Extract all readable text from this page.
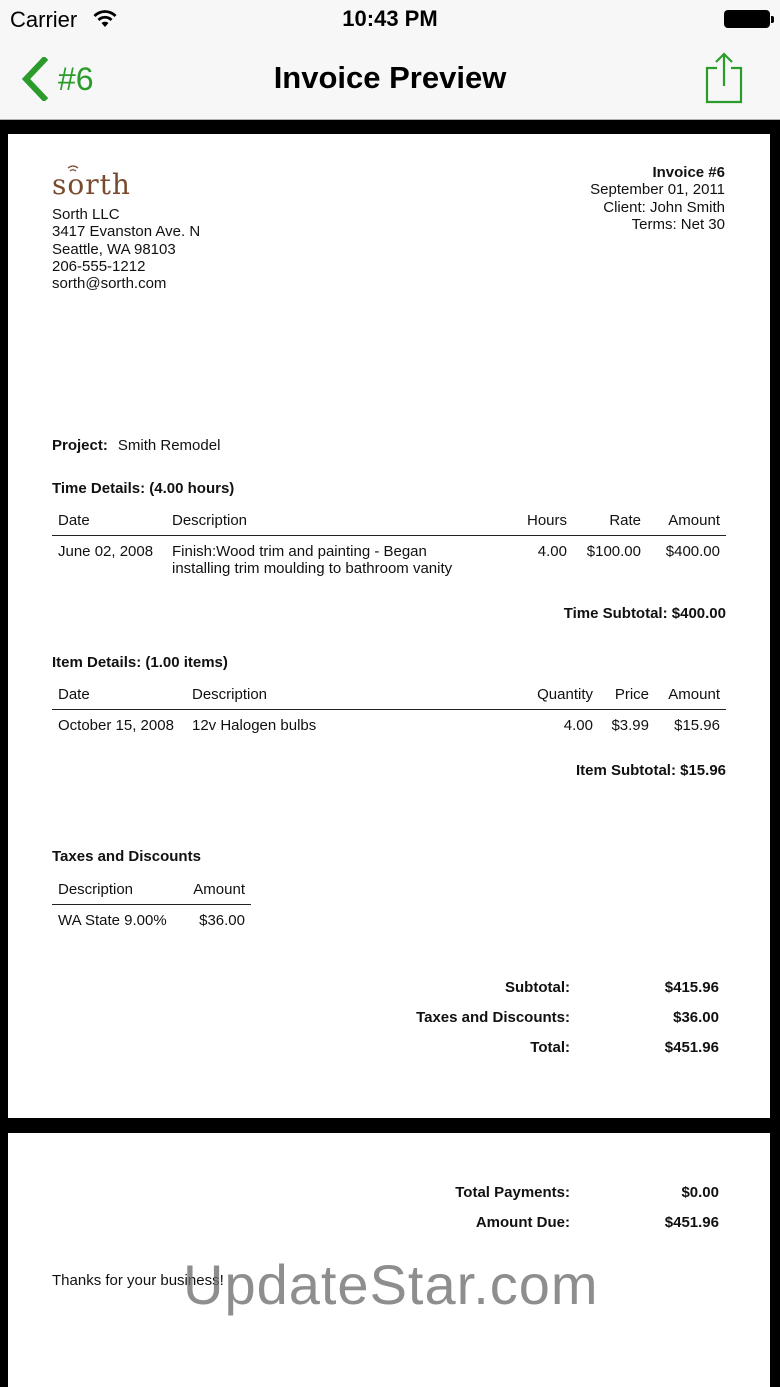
Carrier	10:43 PM
#6	Invoice Preview
sorth
Sorth LLC
3417 Evanston Ave. N
Seattle, WA 98103
206-555-1212
sorth@sorth.com
Invoice #6
September 01, 2011
Client: John Smith
Terms: Net 30
Project: Smith Remodel
Time Details: (4.00 hours)
Date	Description	Hours	Rate	Amount
June 02, 2008	Finish:Wood trim and painting - Began installing trim moulding to bathroom vanity	4.00	$100.00	$400.00
Time Subtotal: $400.00
Item Details: (1.00 items)
Date	Description	Quantity	Price	Amount
October 15, 2008	12v Halogen bulbs	4.00	$3.99	$15.96
Item Subtotal: $15.96
Taxes and Discounts
Description	Amount
WA State 9.00%	$36.00
Subtotal:	$415.96
Taxes and Discounts:	$36.00
Total:	$451.96
Total Payments:	$0.00
Amount Due:	$451.96
Thanks for your business!
UpdateStar.com
